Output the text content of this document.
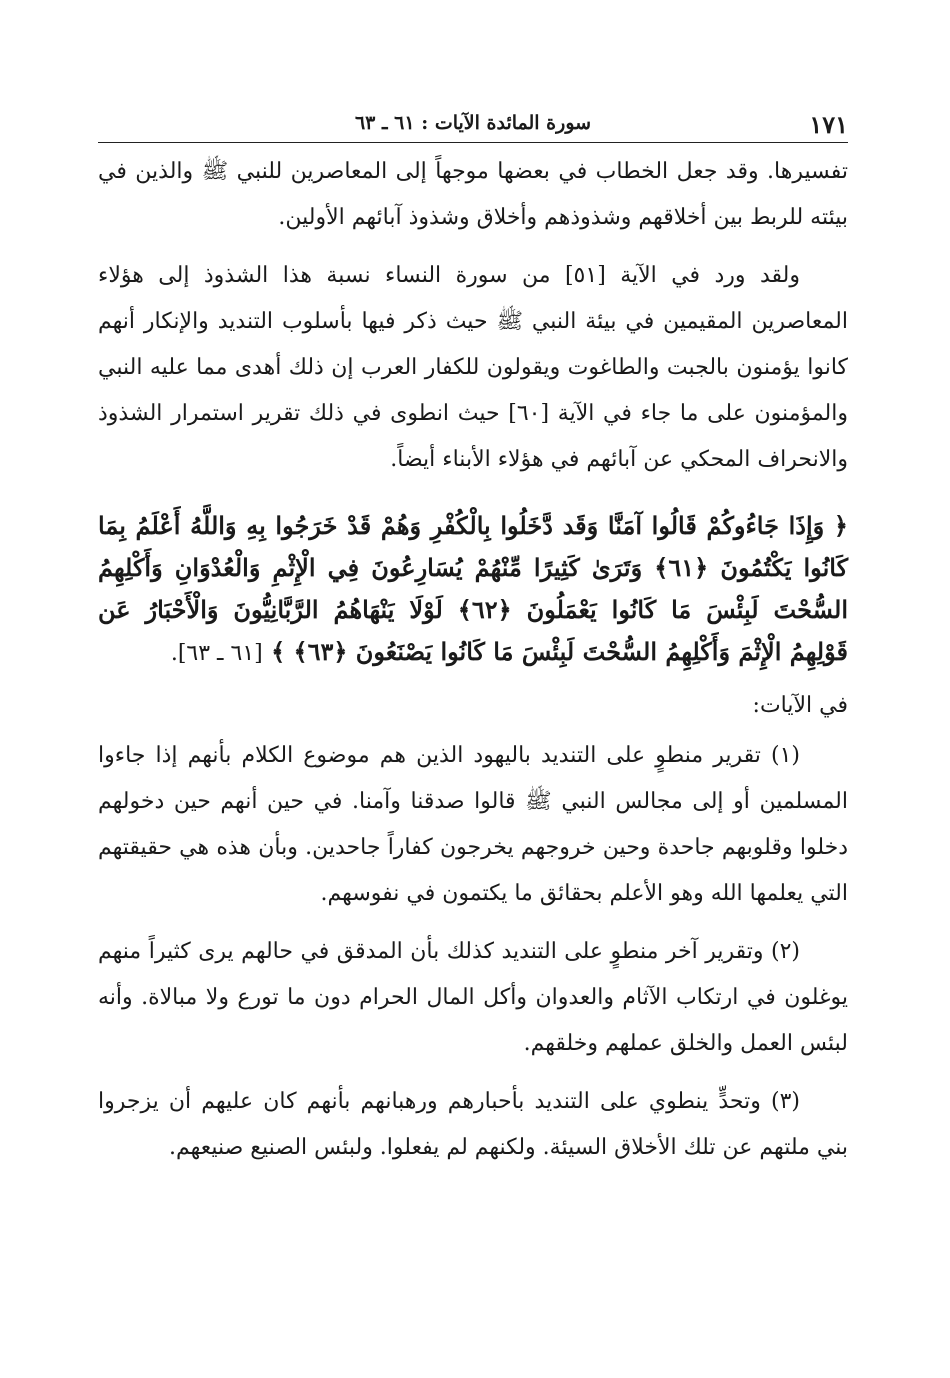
١٧١
سورة المائدة الآيات : ٦١ ـ ٦٣

تفسيرها. وقد جعل الخطاب في بعضها موجهاً إلى المعاصرين للنبي ﷺ والذين في بيئته للربط بين أخلاقهم وشذوذهم وأخلاق وشذوذ آبائهم الأولين.

ولقد ورد في الآية [٥١] من سورة النساء نسبة هذا الشذوذ إلى هؤلاء المعاصرين المقيمين في بيئة النبي ﷺ حيث ذكر فيها بأسلوب التنديد والإنكار أنهم كانوا يؤمنون بالجبت والطاغوت ويقولون للكفار العرب إن ذلك أهدى مما عليه النبي والمؤمنون على ما جاء في الآية [٦٠] حيث انطوى في ذلك تقرير استمرار الشذوذ والانحراف المحكي عن آبائهم في هؤلاء الأبناء أيضاً.

﴿ وَإِذَا جَاءُوكُمْ قَالُوا آمَنَّا وَقَد دَّخَلُوا بِالْكُفْرِ وَهُمْ قَدْ خَرَجُوا بِهِ وَاللَّهُ أَعْلَمُ بِمَا كَانُوا يَكْتُمُونَ ﴿٦١﴾ وَتَرَىٰ كَثِيرًا مِّنْهُمْ يُسَارِعُونَ فِي الْإِثْمِ وَالْعُدْوَانِ وَأَكْلِهِمُ السُّحْتَ لَبِئْسَ مَا كَانُوا يَعْمَلُونَ ﴿٦٢﴾ لَوْلَا يَنْهَاهُمُ الرَّبَّانِيُّونَ وَالْأَحْبَارُ عَن قَوْلِهِمُ الْإِثْمَ وَأَكْلِهِمُ السُّحْتَ لَبِئْسَ مَا كَانُوا يَصْنَعُونَ ﴿٦٣﴾ ﴾ [٦١ ـ ٦٣].

في الآيات:

(١) تقرير منطوٍ على التنديد باليهود الذين هم موضوع الكلام بأنهم إذا جاءوا المسلمين أو إلى مجالس النبي ﷺ قالوا صدقنا وآمنا. في حين أنهم حين دخولهم دخلوا وقلوبهم جاحدة وحين خروجهم يخرجون كفاراً جاحدين. وبأن هذه هي حقيقتهم التي يعلمها الله وهو الأعلم بحقائق ما يكتمون في نفوسهم.

(٢) وتقرير آخر منطوٍ على التنديد كذلك بأن المدقق في حالهم يرى كثيراً منهم يوغلون في ارتكاب الآثام والعدوان وأكل المال الحرام دون ما تورع ولا مبالاة. وأنه لبئس العمل والخلق عملهم وخلقهم.

(٣) وتحدٍّ ينطوي على التنديد بأحبارهم ورهبانهم بأنهم كان عليهم أن يزجروا بني ملتهم عن تلك الأخلاق السيئة. ولكنهم لم يفعلوا. ولبئس الصنيع صنيعهم.
